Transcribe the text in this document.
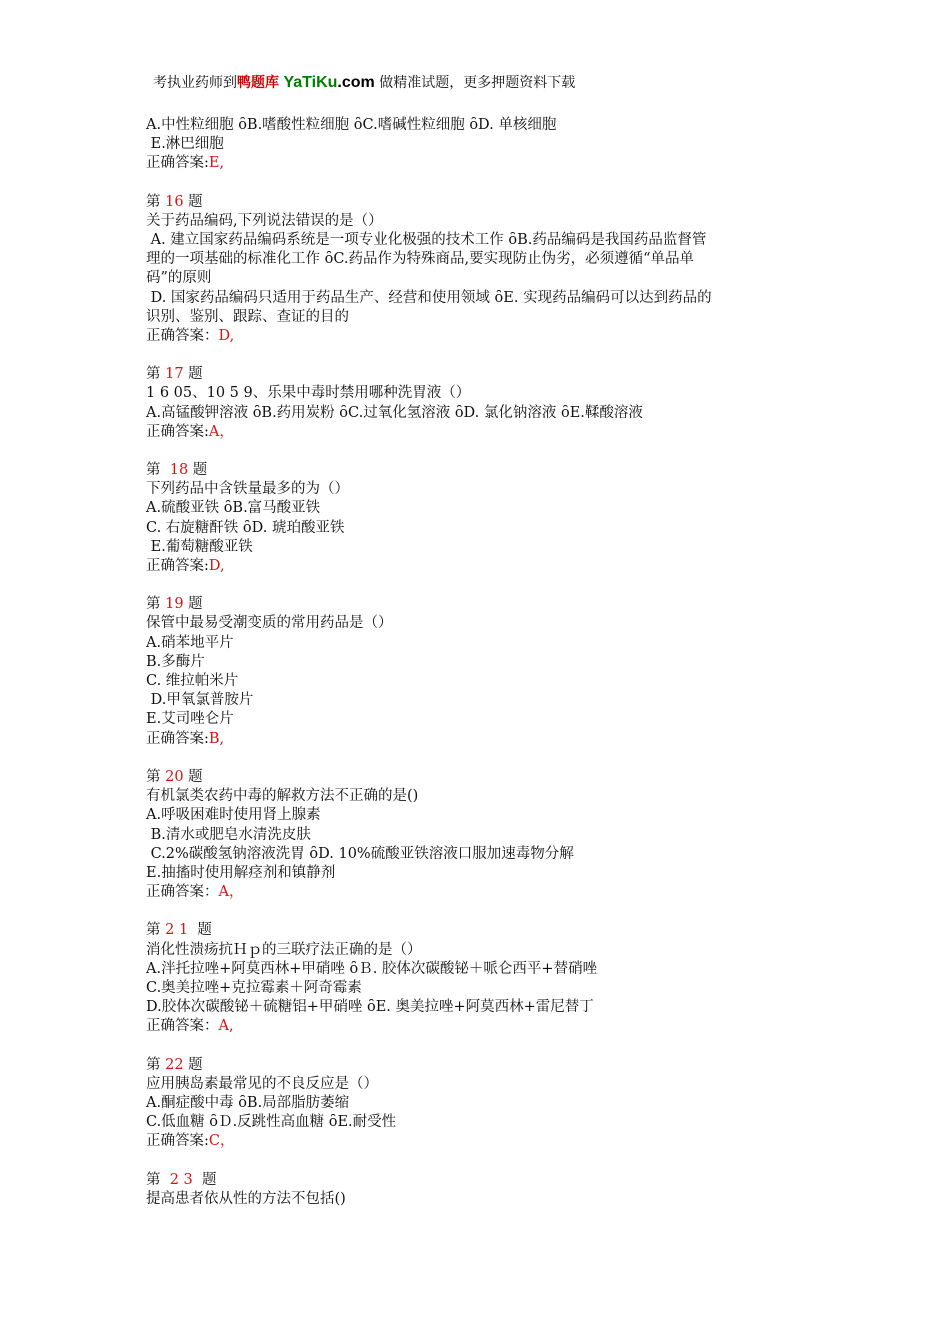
考执业药师到鸭题库 YaTiKu.com 做精准试题，更多押题资料下载
A.中性粒细胞 ȏB.嗜酸性粒细胞 ȏC.嗜碱性粒细胞 ȏD. 单核细胞
E.淋巴细胞
正确答案:E,
第 16 题
关于药品编码,下列说法错误的是（）
A. 建立国家药品编码系统是一项专业化极强的技术工作 ȏB.药品编码是我国药品监督管
理的一项基础的标准化工作 ȏC.药品作为特殊商品,要实现防止伪劣，必须遵循“单品单
码”的原则
D. 国家药品编码只适用于药品生产、经营和使用领域 ȏE. 实现药品编码可以达到药品的
识别、鉴别、跟踪、查证的目的
正确答案：D,
第 17 题
1 6 05、10 5 9、乐果中毒时禁用哪种洗胃液（）
A.高锰酸钾溶液 ȏB.药用炭粉 ȏC.过氧化氢溶液 ȏD. 氯化钠溶液 ȏE.鞣酸溶液
正确答案:A，
第  18 题
下列药品中含铁量最多的为（）
A.硫酸亚铁 ȏB.富马酸亚铁
C. 右旋糖酐铁 ȏD. 琥珀酸亚铁
E.葡萄糖酸亚铁
正确答案:D,
第 19 题
保管中最易受潮变质的常用药品是（）
A.硝苯地平片
B.多酶片
C. 维拉帕米片
D.甲氧氯普胺片
E.艾司唑仑片
正确答案:B,
第 20 题
有机氯类农药中毒的解救方法不正确的是()
A.呼吸困难时使用肾上腺素
B.清水或肥皂水清洗皮肤
C.2%碳酸氢钠溶液洗胃 ȏD. 10%硫酸亚铁溶液口服加速毒物分解
E.抽搐时使用解痉剂和镇静剂
正确答案：A，
第 2 1  题
消化性溃疡抗Ｈｐ的三联疗法正确的是（）
A.泮托拉唑+阿莫西林+甲硝唑 ȏＢ. 胶体次碳酸铋＋哌仑西平+替硝唑
C.奥美拉唑+克拉霉素＋阿奇霉素
D.胶体次碳酸铋＋硫糖铝+甲硝唑 ȏE. 奥美拉唑+阿莫西林+雷尼替丁
正确答案：A,
第 22 题
应用胰岛素最常见的不良反应是（）
A.酮症酸中毒 ȏB.局部脂肪萎缩
C.低血糖 ȏＤ.反跳性高血糖 ȏE.耐受性
正确答案:C，
第  2 3  题
提高患者依从性的方法不包括()
